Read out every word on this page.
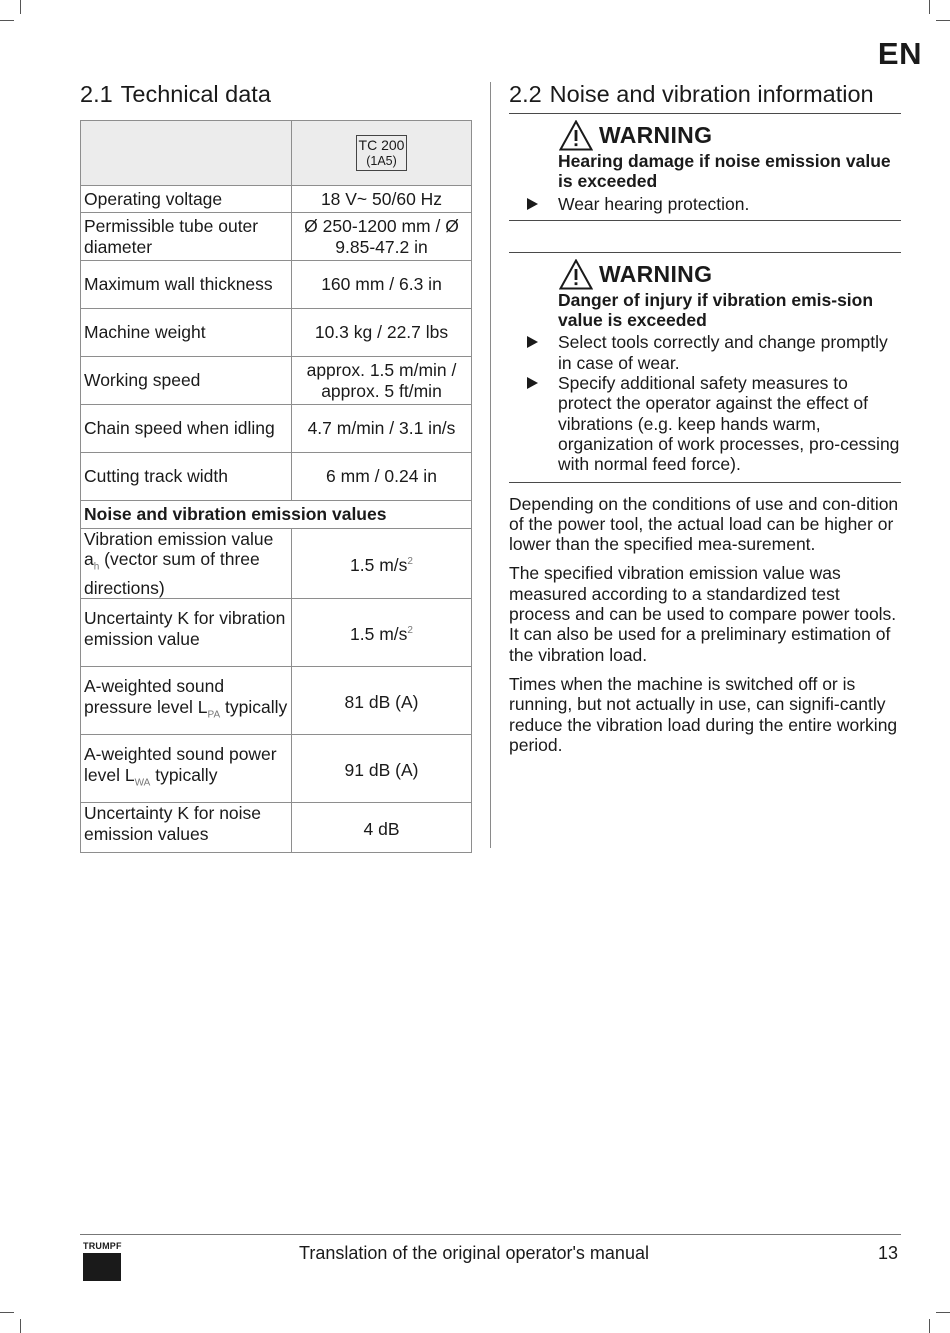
EN
2.1 Technical data

	TC 200
(1A5)

Operating voltage	18 V~ 50/60 Hz
Permissible tube outer diameter	Ø 250-1200 mm / Ø 9.85-47.2 in
Maximum wall thickness	160 mm / 6.3 in
Machine weight	10.3 kg / 22.7 lbs
Working speed	approx. 1.5 m/min / approx. 5 ft/min
Chain speed when idling	4.7 m/min / 3.1 in/s
Cutting track width	6 mm / 0.24 in
Noise and vibration emission values	
Vibration emission value $a_h$ (vector sum of three directions)	1.5 $m/s^2$
Uncertainty K for vibration emission value	1.5 $m/s^2$
A-weighted sound pressure level $L_{PA}$ typically	81 dB (A)
A-weighted sound power level $L_{WA}$ typically	91 dB (A)
Uncertainty K for noise emission values	4 dB
2.2 Noise and vibration information
WARNING
Hearing damage if noise emission value is exceeded
Wear hearing protection.
WARNING
Danger of injury if vibration emis-sion value is exceeded
Select tools correctly and change promptly in case of wear.
Specify additional safety measures to protect the operator against the effect of vibrations (e.g. keep hands warm, organization of work processes, pro-cessing with normal feed force).

Depending on the conditions of use and con-dition of the power tool, the actual load can be higher or lower than the specified mea-surement.

The specified vibration emission value was measured according to a standardized test process and can be used to compare power tools. It can also be used for a preliminary estimation of the vibration load.

Times when the machine is switched off or is running, but not actually in use, can signifi-cantly reduce the vibration load during the entire working period.

TRUMPF	Translation of the original operator's manual	13
